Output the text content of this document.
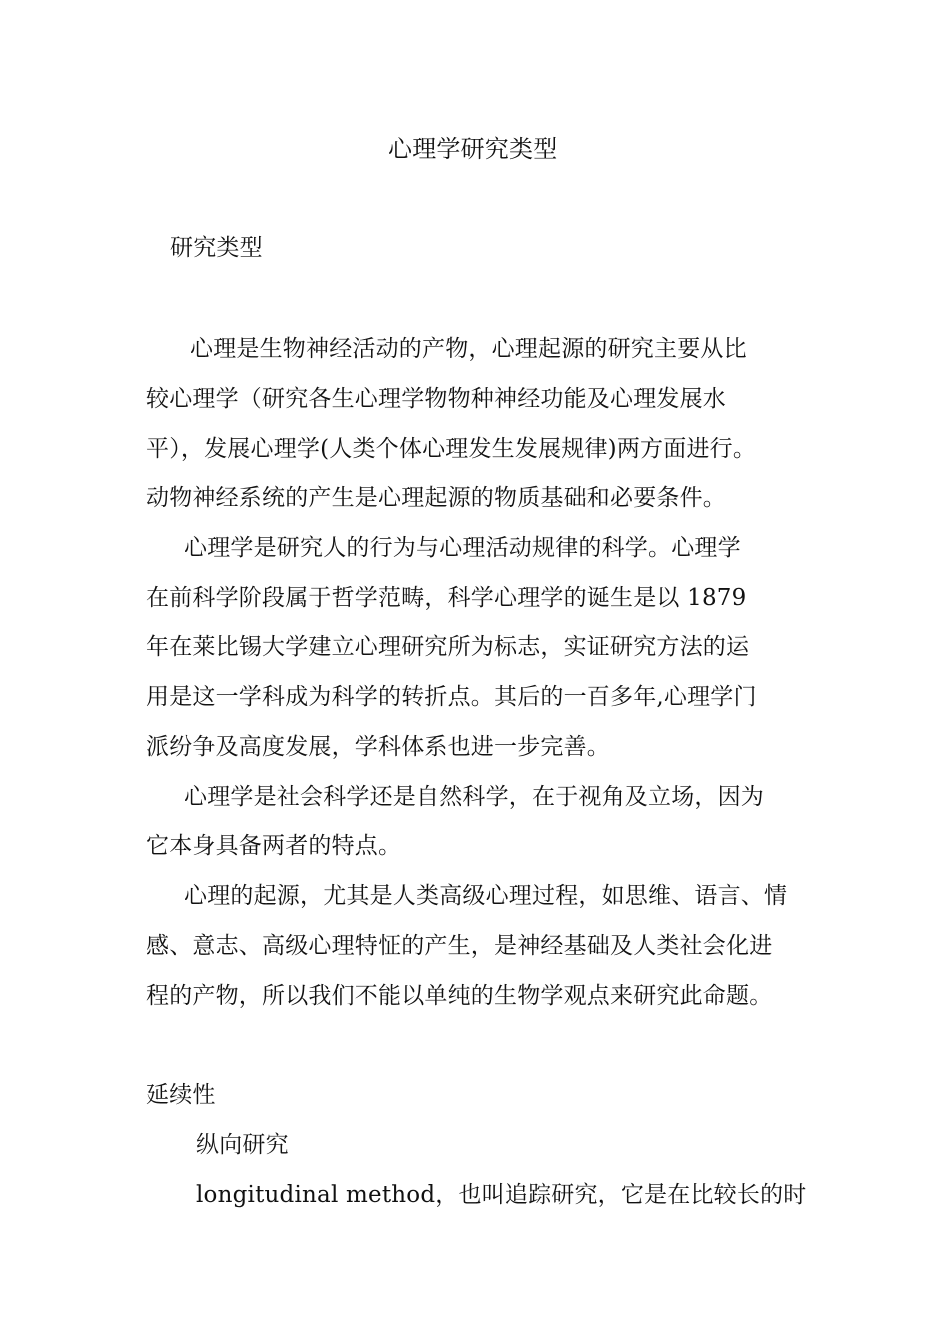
心理学研究类型
研究类型
心理是生物神经活动的产物，心理起源的研究主要从比
较心理学（研究各生心理学物物种神经功能及心理发展水
平），发展心理学(人类个体心理发生发展规律)两方面进行。
动物神经系统的产生是心理起源的物质基础和必要条件。
心理学是研究人的行为与心理活动规律的科学。心理学
在前科学阶段属于哲学范畴，科学心理学的诞生是以 1879
年在莱比锡大学建立心理研究所为标志，实证研究方法的运
用是这一学科成为科学的转折点。其后的一百多年,心理学门
派纷争及高度发展，学科体系也进一步完善。
心理学是社会科学还是自然科学，在于视角及立场，因为
它本身具备两者的特点。
心理的起源，尤其是人类高级心理过程，如思维、语言、情
感、意志、高级心理特怔的产生，是神经基础及人类社会化进
程的产物，所以我们不能以单纯的生物学观点来研究此命题。
延续性
纵向研究
longitudinal method，也叫追踪研究，它是在比较长的时
